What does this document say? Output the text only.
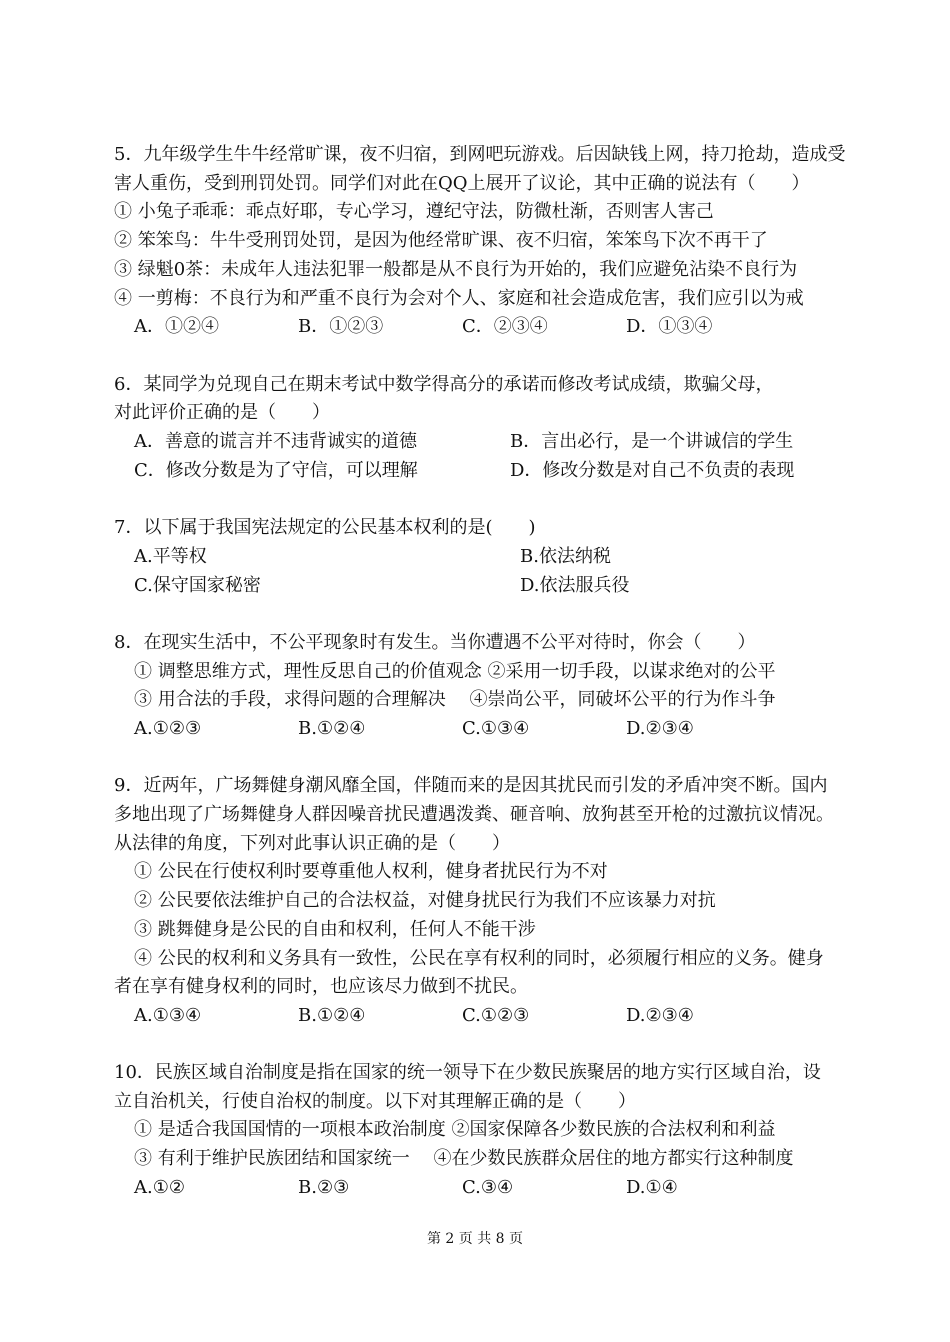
5．九年级学生牛牛经常旷课，夜不归宿，到网吧玩游戏。后因缺钱上网，持刀抢劫，造成受
害人重伤，受到刑罚处罚。同学们对此在QQ上展开了议论，其中正确的说法有（　　）
① 小兔子乖乖：乖点好耶，专心学习，遵纪守法，防微杜渐，否则害人害己
② 笨笨鸟：牛牛受刑罚处罚，是因为他经常旷课、夜不归宿，笨笨鸟下次不再干了
③ 绿魁0茶：未成年人违法犯罪一般都是从不良行为开始的，我们应避免沾染不良行为
④ 一剪梅：不良行为和严重不良行为会对个人、家庭和社会造成危害，我们应引以为戒
A．①②④	B．①②③	C．②③④	D．①③④
6．某同学为兑现自己在期末考试中数学得高分的承诺而修改考试成绩，欺骗父母，
对此评价正确的是（　　）
A．善意的谎言并不违背诚实的道德	B．言出必行，是一个讲诚信的学生
C．修改分数是为了守信，可以理解	D．修改分数是对自己不负责的表现
7．以下属于我国宪法规定的公民基本权利的是(　　)
A.平等权	B.依法纳税
C.保守国家秘密	D.依法服兵役
8．在现实生活中，不公平现象时有发生。当你遭遇不公平对待时，你会（　　）
① 调整思维方式，理性反思自己的价值观念 ②采用一切手段，以谋求绝对的公平
③ 用合法的手段，求得问题的合理解决　 ④崇尚公平，同破坏公平的行为作斗争
A.①②③	B.①②④	C.①③④	D.②③④
9．近两年，广场舞健身潮风靡全国，伴随而来的是因其扰民而引发的矛盾冲突不断。国内
多地出现了广场舞健身人群因噪音扰民遭遇泼粪、砸音响、放狗甚至开枪的过激抗议情况。
从法律的角度，下列对此事认识正确的是（　　）
① 公民在行使权利时要尊重他人权利，健身者扰民行为不对
② 公民要依法维护自己的合法权益，对健身扰民行为我们不应该暴力对抗
③ 跳舞健身是公民的自由和权利，任何人不能干涉
④ 公民的权利和义务具有一致性，公民在享有权利的同时，必须履行相应的义务。健身
者在享有健身权利的同时，也应该尽力做到不扰民。
A.①③④	B.①②④	C.①②③	D.②③④
10．民族区域自治制度是指在国家的统一领导下在少数民族聚居的地方实行区域自治，设
立自治机关，行使自治权的制度。以下对其理解正确的是（　　）
① 是适合我国国情的一项根本政治制度 ②国家保障各少数民族的合法权利和利益
③ 有利于维护民族团结和国家统一　 ④在少数民族群众居住的地方都实行这种制度
A.①②	B.②③	C.③④	D.①④
第 2 页 共 8 页
